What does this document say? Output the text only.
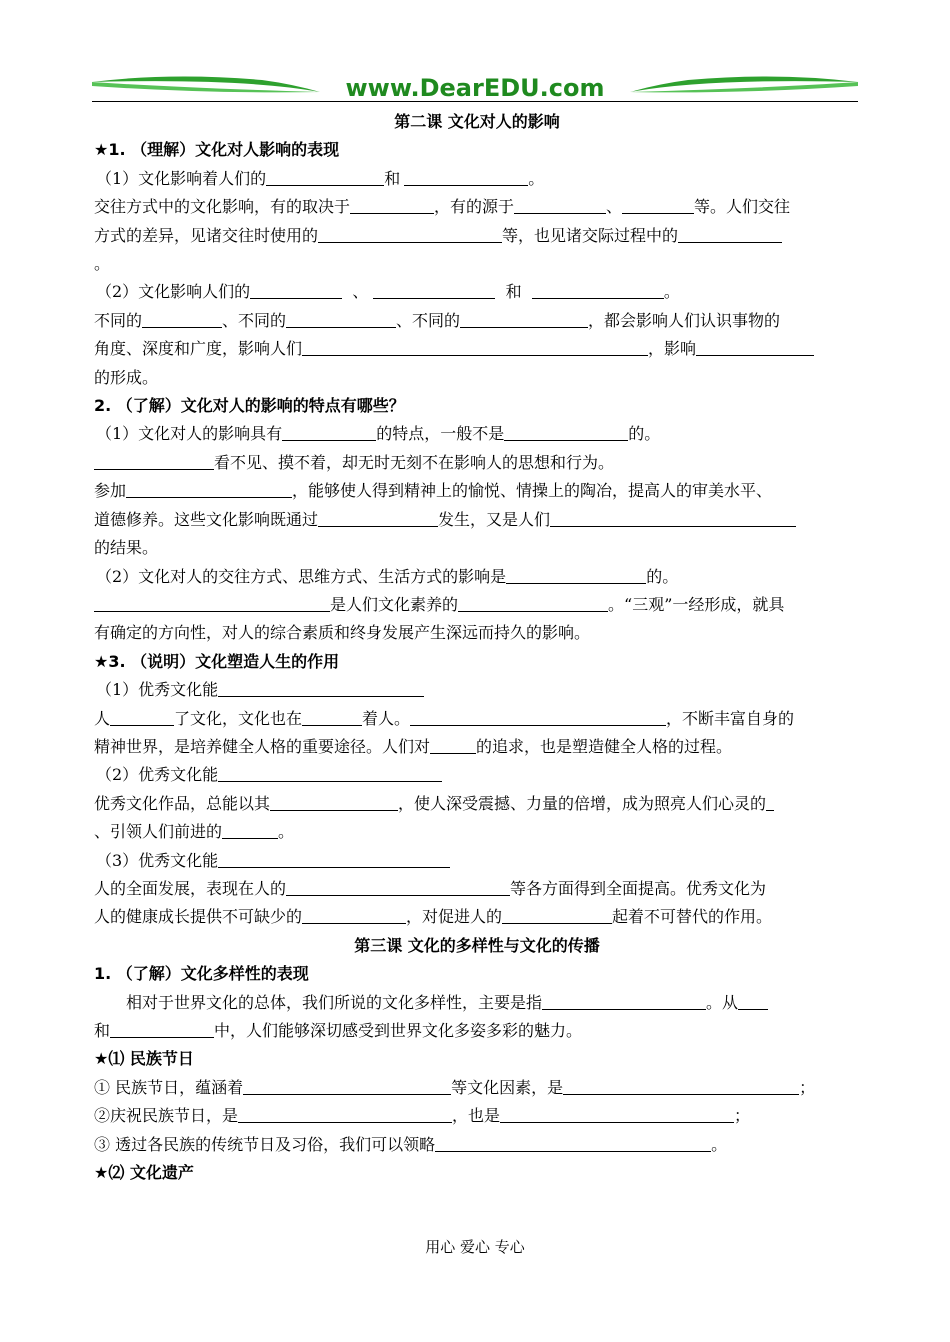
www.DearEDU.com
第二课 文化对人的影响
★1. （理解）文化对人影响的表现
（1）文化影响着人们的	和	。
交往方式中的文化影响，有的取决于	，有的源于	、	等。人们交往
方式的差异，见诸交往时使用的	等，也见诸交际过程中的
。
（2）文化影响人们的	、	和	。
不同的	、不同的	、不同的	，都会影响人们认识事物的
角度、深度和广度，影响人们	，影响
的形成。
2. （了解）文化对人的影响的特点有哪些？
（1）文化对人的影响具有	的特点，一般不是	的。
看不见、摸不着，却无时无刻不在影响人的思想和行为。
参加	，能够使人得到精神上的愉悦、情操上的陶冶，提高人的审美水平、
道德修养。这些文化影响既通过	发生，又是人们
的结果。
（2）文化对人的交往方式、思维方式、生活方式的影响是	的。
是人们文化素养的	。“三观”一经形成，就具
有确定的方向性，对人的综合素质和终身发展产生深远而持久的影响。
★3. （说明）文化塑造人生的作用
（1）优秀文化能
人	了文化，文化也在	着人。	，不断丰富自身的
精神世界，是培养健全人格的重要途径。人们对	的追求，也是塑造健全人格的过程。
（2）优秀文化能
优秀文化作品，总能以其	，使人深受震撼、力量的倍增，成为照亮人们心灵的
、引领人们前进的	。
（3）优秀文化能
人的全面发展，表现在人的	等各方面得到全面提高。优秀文化为
人的健康成长提供不可缺少的	，对促进人的	起着不可替代的作用。
第三课 文化的多样性与文化的传播
1. （了解）文化多样性的表现
相对于世界文化的总体，我们所说的文化多样性，主要是指	。从
和	中，人们能够深切感受到世界文化多姿多彩的魅力。
★⑴ 民族节日
① 民族节日，蕴涵着	等文化因素，是	；
②庆祝民族节日，是	，也是	；
③ 透过各民族的传统节日及习俗，我们可以领略	。
★⑵ 文化遗产
用心 爱心 专心
